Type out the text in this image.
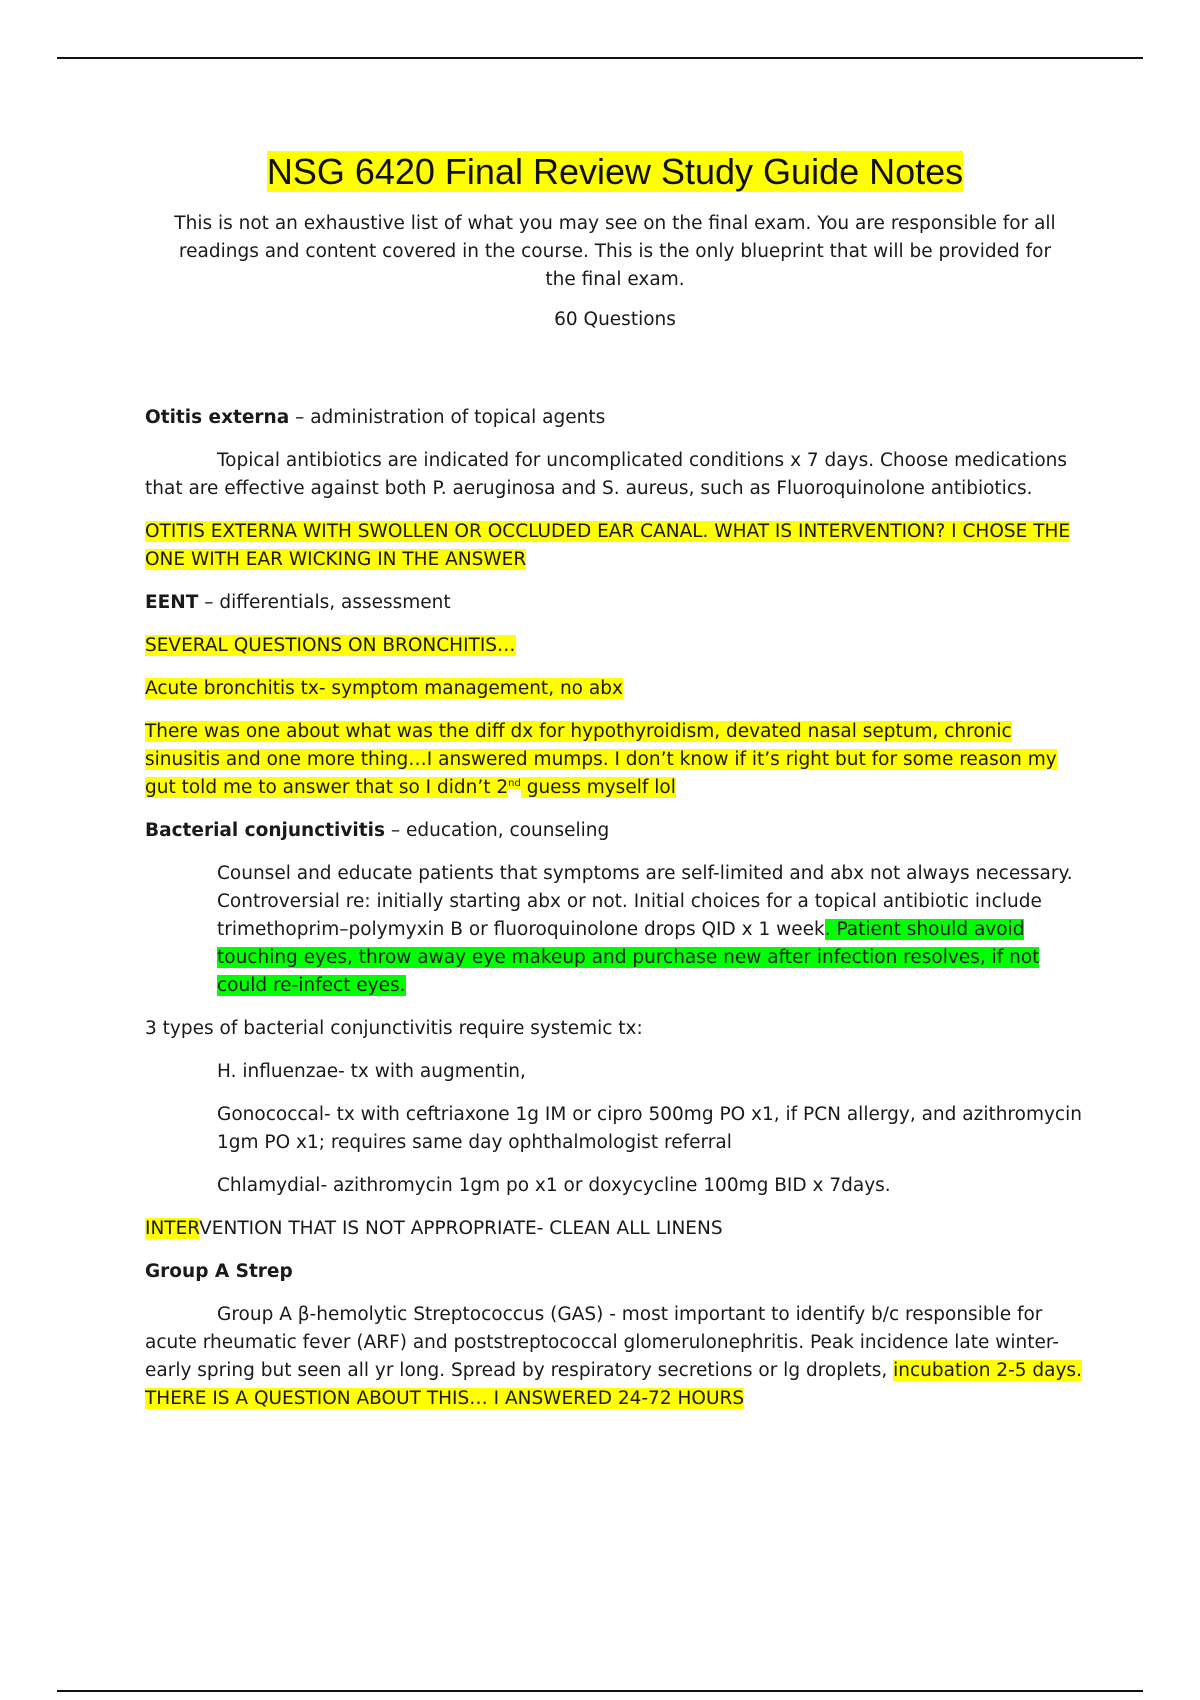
NSG 6420 Final Review Study Guide Notes

This is not an exhaustive list of what you may see on the final exam. You are responsible for all readings and content covered in the course. This is the only blueprint that will be provided for the final exam.

60 Questions

Otitis externa – administration of topical agents

Topical antibiotics are indicated for uncomplicated conditions x 7 days. Choose medications that are effective against both P. aeruginosa and S. aureus, such as Fluoroquinolone antibiotics.

OTITIS EXTERNA WITH SWOLLEN OR OCCLUDED EAR CANAL. WHAT IS INTERVENTION? I CHOSE THE ONE WITH EAR WICKING IN THE ANSWER

EENT – differentials, assessment

SEVERAL QUESTIONS ON BRONCHITIS…

Acute bronchitis tx- symptom management, no abx

There was one about what was the diff dx for hypothyroidism, devated nasal septum, chronic sinusitis and one more thing…I answered mumps. I don’t know if it’s right but for some reason my gut told me to answer that so I didn’t 2nd guess myself lol

Bacterial conjunctivitis – education, counseling

Counsel and educate patients that symptoms are self-limited and abx not always necessary. Controversial re: initially starting abx or not. Initial choices for a topical antibiotic include trimethoprim–polymyxin B or fluoroquinolone drops QID x 1 week. Patient should avoid touching eyes, throw away eye makeup and purchase new after infection resolves, if not could re-infect eyes.

3 types of bacterial conjunctivitis require systemic tx:

H. influenzae- tx with augmentin,

Gonococcal- tx with ceftriaxone 1g IM or cipro 500mg PO x1, if PCN allergy, and azithromycin 1gm PO x1; requires same day ophthalmologist referral

Chlamydial- azithromycin 1gm po x1 or doxycycline 100mg BID x 7days.

INTERVENTION THAT IS NOT APPROPRIATE- CLEAN ALL LINENS

Group A Strep

Group A β-hemolytic Streptococcus (GAS) - most important to identify b/c responsible for acute rheumatic fever (ARF) and poststreptococcal glomerulonephritis. Peak incidence late winter- early spring but seen all yr long. Spread by respiratory secretions or lg droplets, incubation 2-5 days.
THERE IS A QUESTION ABOUT THIS… I ANSWERED 24-72 HOURS
